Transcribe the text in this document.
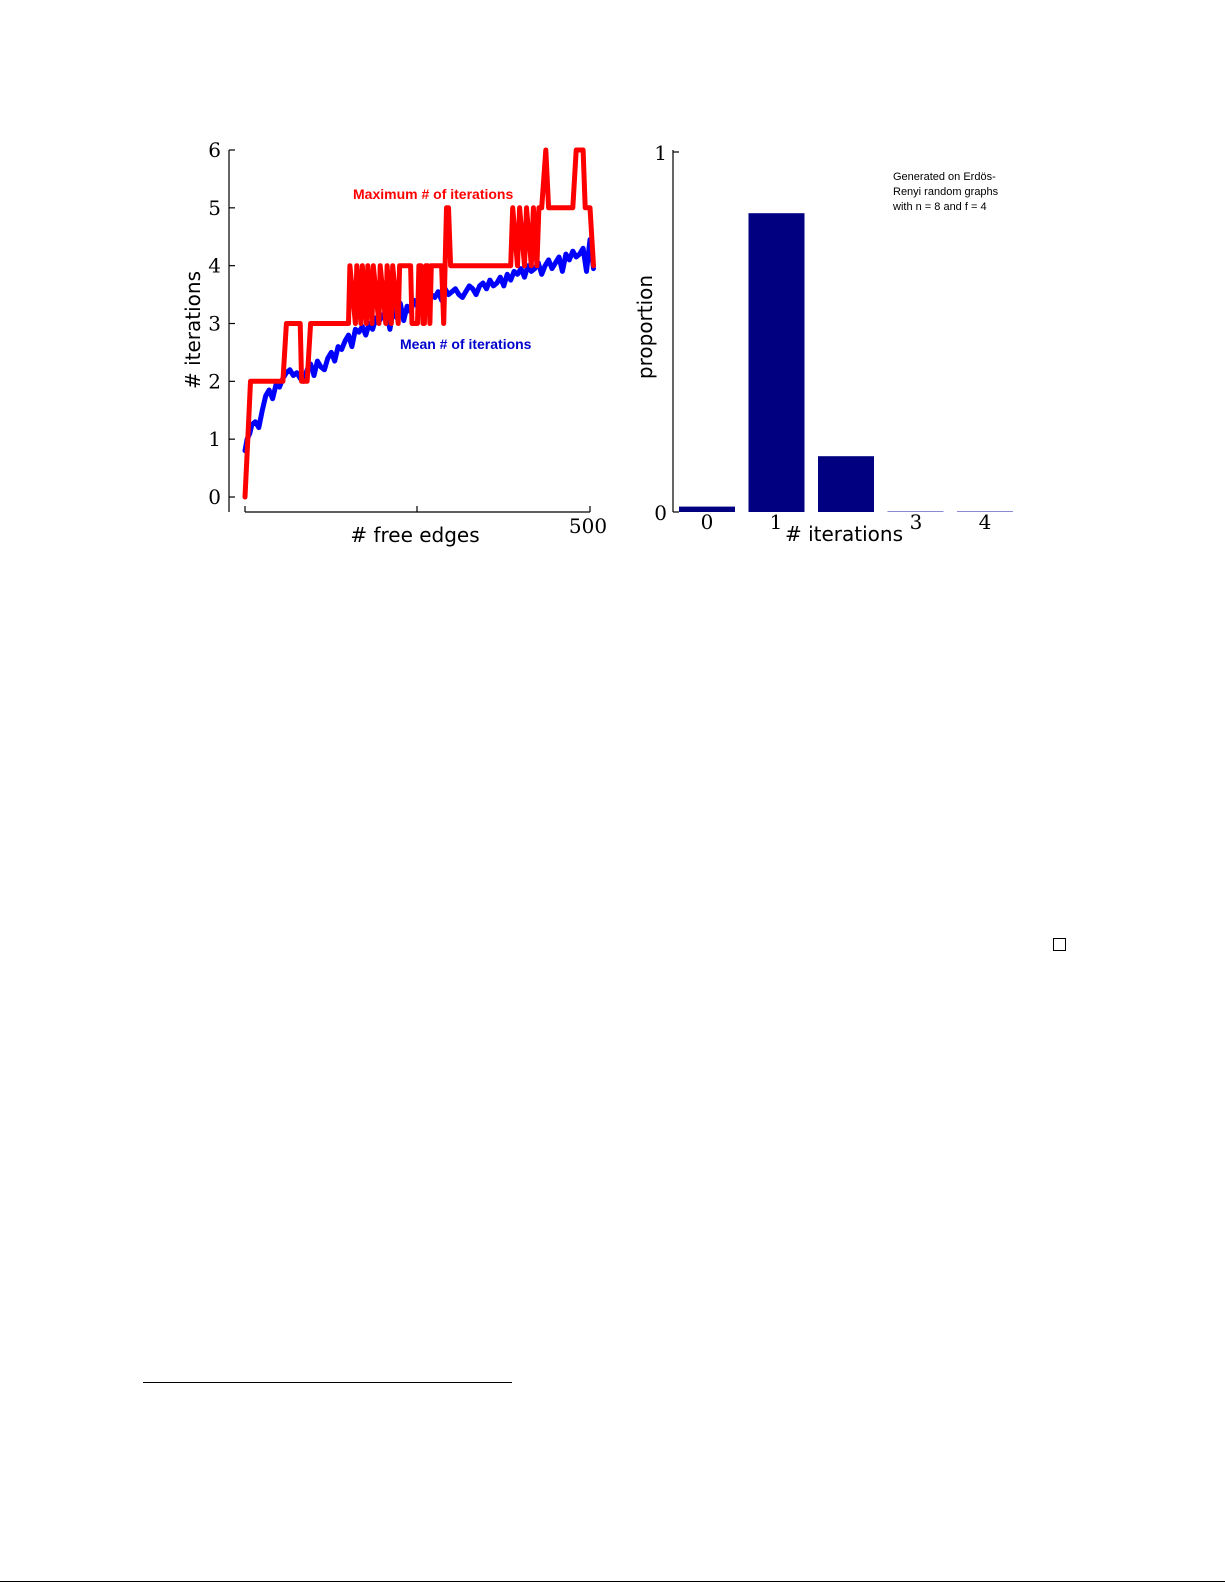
0
1
2
3
4
5
6
500
# free edges
# iterations
Maximum # of iterations
Mean # of iterations
0
1
0	1	3	4
# iterations
proportion
Generated on Erdös-
Renyi random graphs
with n = 8 and f = 4
